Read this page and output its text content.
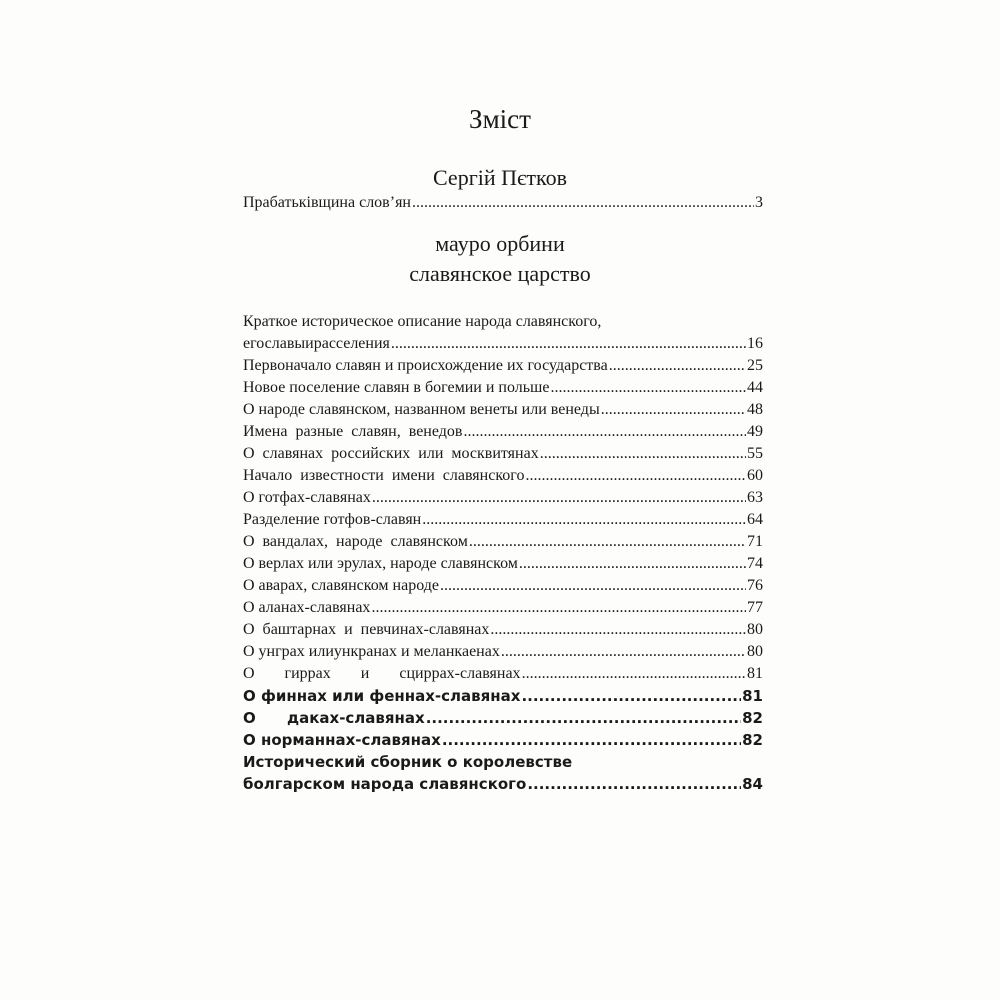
Зміст
Сергій Пєтков
Прабатьківщина слов’ян .....	3
мауро орбини
славянское царство
Краткое историческое описание народа славянского,
егославыирасселения .....	16
Первоначало славян и происхождение их государства .....	25
Новое поселение славян в богемии и польше .....	44
О народе славянском, названном венеты или венеды .....	48
Имена разные славян, венедов .....	49
О славянах российских или москвитянах .....	55
Начало известности имени славянского .....	60
О готфах-славянах .....	63
Разделение готфов-славян .....	64
О вандалах, народе славянском .....	71
О верлах или эрулах, народе славянском .....	74
О аварах, славянском народе .....	76
О аланах-славянах .....	77
О баштарнах и певчинах-славянах .....	80
О унграх илиункранах и меланкаенах .....	80
О гиррах и сциррах-славянах .....	81
О финнах или феннах-славянах .....	81
О даках-славянах .....	82
О норманнах-славянах .....	82
Исторический сборник о королевстве
болгарском народа славянского .....	84
